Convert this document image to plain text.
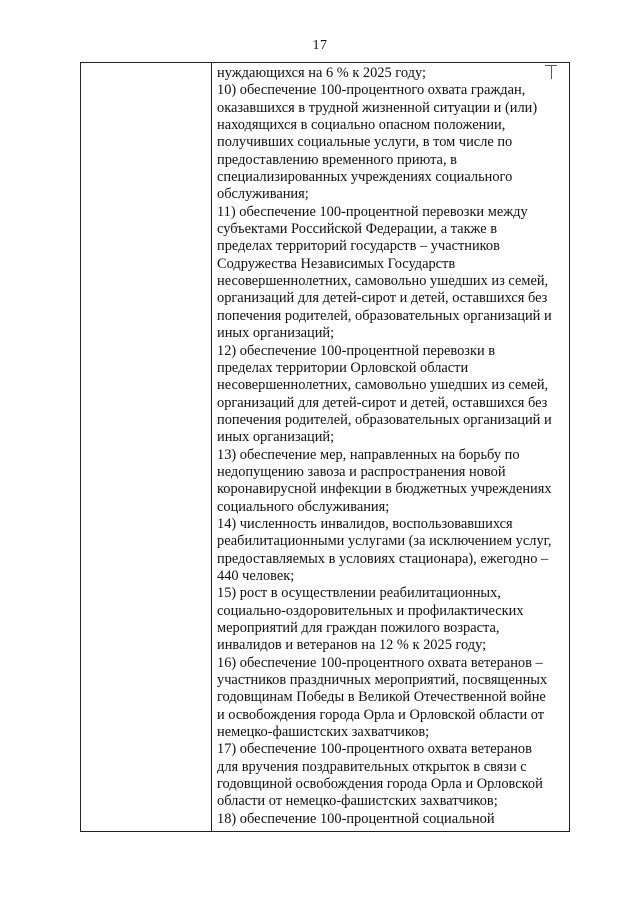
17
нуждающихся на 6 % к 2025 году;
10) обеспечение 100-процентного охвата граждан,
оказавшихся в трудной жизненной ситуации и (или)
находящихся в социально опасном положении,
получивших социальные услуги, в том числе по
предоставлению временного приюта, в
специализированных учреждениях социального
обслуживания;
11) обеспечение 100-процентной перевозки между
субъектами Российской Федерации, а также в
пределах территорий государств – участников
Содружества Независимых Государств
несовершеннолетних, самовольно ушедших из семей,
организаций для детей-сирот и детей, оставшихся без
попечения родителей, образовательных организаций и
иных организаций;
12) обеспечение 100-процентной перевозки в
пределах территории Орловской области
несовершеннолетних, самовольно ушедших из семей,
организаций для детей-сирот и детей, оставшихся без
попечения родителей, образовательных организаций и
иных организаций;
13) обеспечение мер, направленных на борьбу по
недопущению завоза и распространения новой
коронавирусной инфекции в бюджетных учреждениях
социального обслуживания;
14) численность инвалидов, воспользовавшихся
реабилитационными услугами (за исключением услуг,
предоставляемых в условиях стационара), ежегодно –
440 человек;
15) рост в осуществлении реабилитационных,
социально-оздоровительных и профилактических
мероприятий для граждан пожилого возраста,
инвалидов и ветеранов на 12 % к 2025 году;
16) обеспечение 100-процентного охвата ветеранов –
участников праздничных мероприятий, посвященных
годовщинам Победы в Великой Отечественной войне
и освобождения города Орла и Орловской области от
немецко-фашистских захватчиков;
17) обеспечение 100-процентного охвата ветеранов
для вручения поздравительных открыток в связи с
годовщиной освобождения города Орла и Орловской
области от немецко-фашистских захватчиков;
18) обеспечение 100-процентной социальной
